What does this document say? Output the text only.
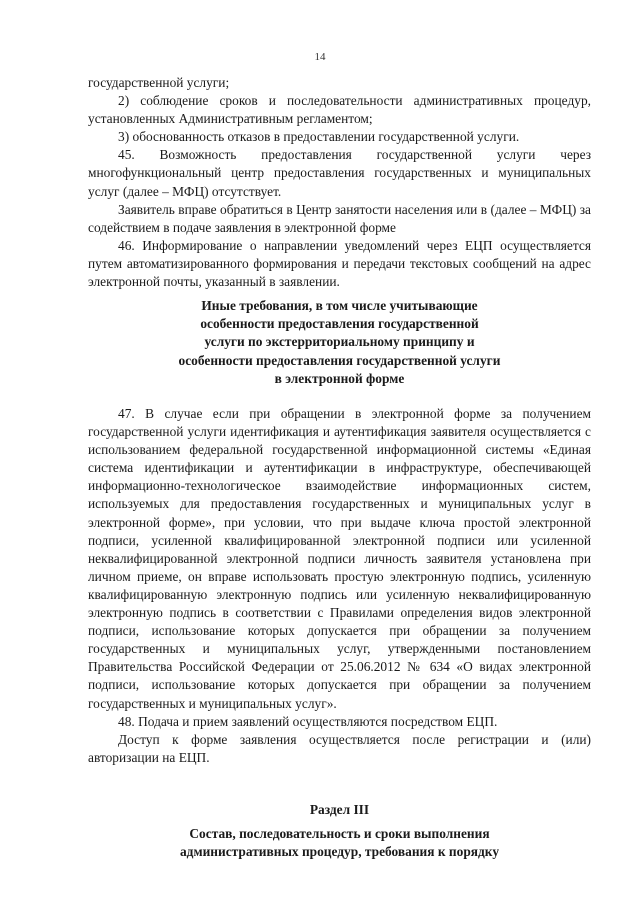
14

государственной услуги;

2) соблюдение сроков и последовательности административных процедур, установленных Административным регламентом;

3) обоснованность отказов в предоставлении государственной услуги.

45. Возможность предоставления государственной услуги через многофункциональный центр предоставления государственных и муниципальных услуг (далее – МФЦ) отсутствует.

Заявитель вправе обратиться в Центр занятости населения или в (далее – МФЦ) за содействием в подаче заявления в электронной форме

46. Информирование о направлении уведомлений через ЕЦП осуществляется путем автоматизированного формирования и передачи текстовых сообщений на адрес электронной почты, указанный в заявлении.

Иные требования, в том числе учитывающие
особенности предоставления государственной
услуги по экстерриториальному принципу и
особенности предоставления государственной услуги
в электронной форме

47. В случае если при обращении в электронной форме за получением государственной услуги идентификация и аутентификация заявителя осуществляется с использованием федеральной государственной информационной системы «Единая система идентификации и аутентификации в инфраструктуре, обеспечивающей информационно-технологическое взаимодействие информационных систем, используемых для предоставления государственных и муниципальных услуг в электронной форме», при условии, что при выдаче ключа простой электронной подписи, усиленной квалифицированной электронной подписи или усиленной неквалифицированной электронной подписи личность заявителя установлена при личном приеме, он вправе использовать простую электронную подпись, усиленную квалифицированную электронную подпись или усиленную неквалифицированную электронную подпись в соответствии с Правилами определения видов электронной подписи, использование которых допускается при обращении за получением государственных и муниципальных услуг, утвержденными постановлением Правительства Российской Федерации от 25.06.2012 № 634 «О видах электронной подписи, использование которых допускается при обращении за получением государственных и муниципальных услуг».

48. Подача и прием заявлений осуществляются посредством ЕЦП.

Доступ к форме заявления осуществляется после регистрации и (или) авторизации на ЕЦП.

Раздел III
Состав, последовательность и сроки выполнения
административных процедур, требования к порядку
